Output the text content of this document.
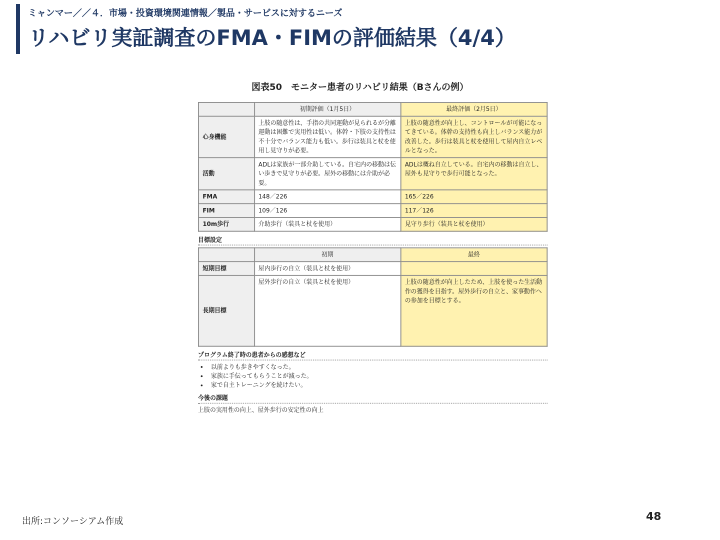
ミャンマー／／４．市場・投資環境関連情報／製品・サービスに対するニーズ
リハビリ実証調査のFMA・FIMの評価結果（4/4）
図表50　モニター患者のリハビリ結果（Bさんの例）
	初期評価（1月5日）	最終評価（2月5日）
心身機能	上肢の随意性は、手指の共同運動が見られるが分離運動は困難で実用性は低い。体幹・下肢の支持性は不十分でバランス能力も低い。歩行は装具と杖を使用し見守りが必要。	上肢の随意性が向上し、コントロールが可能になってきている。体幹の支持性も向上しバランス能力が改善した。歩行は装具と杖を使用して屋内自立レベルとなった。
活動	ADLは家族が一部介助している。自宅内の移動は伝い歩きで見守りが必要。屋外の移動には介助が必要。	ADLは概ね自立している。自宅内の移動は自立し、屋外も見守りで歩行可能となった。
FMA	148／226	165／226
FIM	109／126	117／126
10m歩行	介助歩行（装具と杖を使用）	見守り歩行（装具と杖を使用）
目標設定
	初期	最終
短期目標	屋内歩行の自立（装具と杖を使用）	
長期目標	屋外歩行の自立（装具と杖を使用）	上肢の随意性が向上したため、上肢を使った生活動作の獲得を目指す。屋外歩行の自立と、家事動作への参加を目標とする。
プログラム終了時の患者からの感想など
• 以前よりも歩きやすくなった。
• 家族に手伝ってもらうことが減った。
• 家で自主トレーニングを続けたい。
今後の課題
上肢の実用性の向上、屋外歩行の安定性の向上
出所:コンソーシアム作成	48
